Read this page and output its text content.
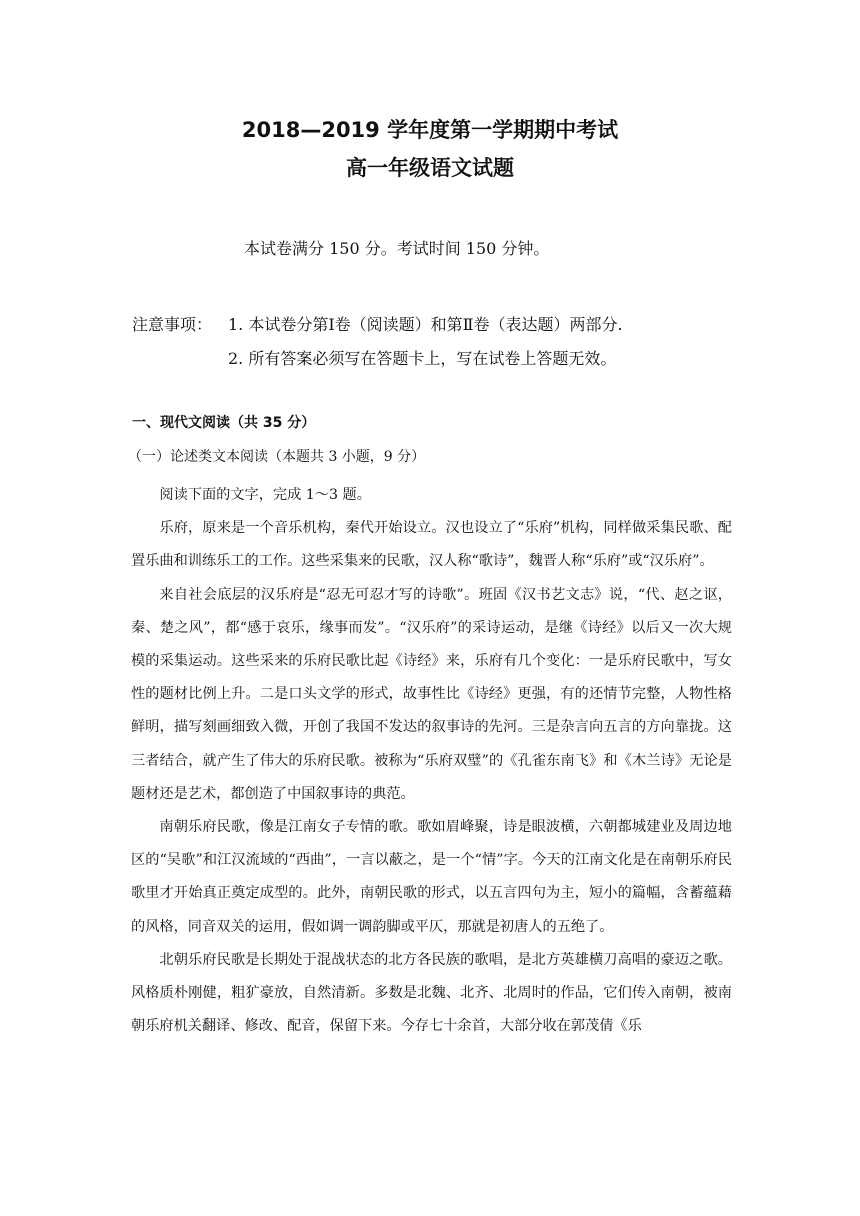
2018—2019 学年度第一学期期中考试
高一年级语文试题
本试卷满分 150 分。考试时间 150 分钟。
注意事项： 1. 本试卷分第Ⅰ卷（阅读题）和第Ⅱ卷（表达题）两部分.
2. 所有答案必须写在答题卡上，写在试卷上答题无效。
一、现代文阅读（共 35 分）
（一）论述类文本阅读（本题共 3 小题，9 分）

阅读下面的文字，完成 1～3 题。

乐府，原来是一个音乐机构，秦代开始设立。汉也设立了“乐府”机构，同样做采集民歌、配置乐曲和训练乐工的工作。这些采集来的民歌，汉人称“歌诗”，魏晋人称“乐府”或“汉乐府”。

来自社会底层的汉乐府是“忍无可忍才写的诗歌”。班固《汉书艺文志》说，“代、赵之讴，秦、楚之风”，都“感于哀乐，缘事而发”。“汉乐府”的采诗运动，是继《诗经》以后又一次大规模的采集运动。这些采来的乐府民歌比起《诗经》来，乐府有几个变化：一是乐府民歌中，写女性的题材比例上升。二是口头文学的形式，故事性比《诗经》更强，有的还情节完整，人物性格鲜明，描写刻画细致入微，开创了我国不发达的叙事诗的先河。三是杂言向五言的方向靠拢。这三者结合，就产生了伟大的乐府民歌。被称为“乐府双璧”的《孔雀东南飞》和《木兰诗》无论是题材还是艺术，都创造了中国叙事诗的典范。

南朝乐府民歌，像是江南女子专情的歌。歌如眉峰聚，诗是眼波横，六朝都城建业及周边地区的“吴歌”和江汉流域的“西曲”，一言以蔽之，是一个“情”字。今天的江南文化是在南朝乐府民歌里才开始真正奠定成型的。此外，南朝民歌的形式，以五言四句为主，短小的篇幅，含蓄蕴藉的风格，同音双关的运用，假如调一调韵脚或平仄，那就是初唐人的五绝了。

北朝乐府民歌是长期处于混战状态的北方各民族的歌唱，是北方英雄横刀高唱的豪迈之歌。风格质朴刚健，粗犷豪放，自然清新。多数是北魏、北齐、北周时的作品，它们传入南朝，被南朝乐府机关翻译、修改、配音，保留下来。今存七十余首，大部分收在郭茂倩《乐
